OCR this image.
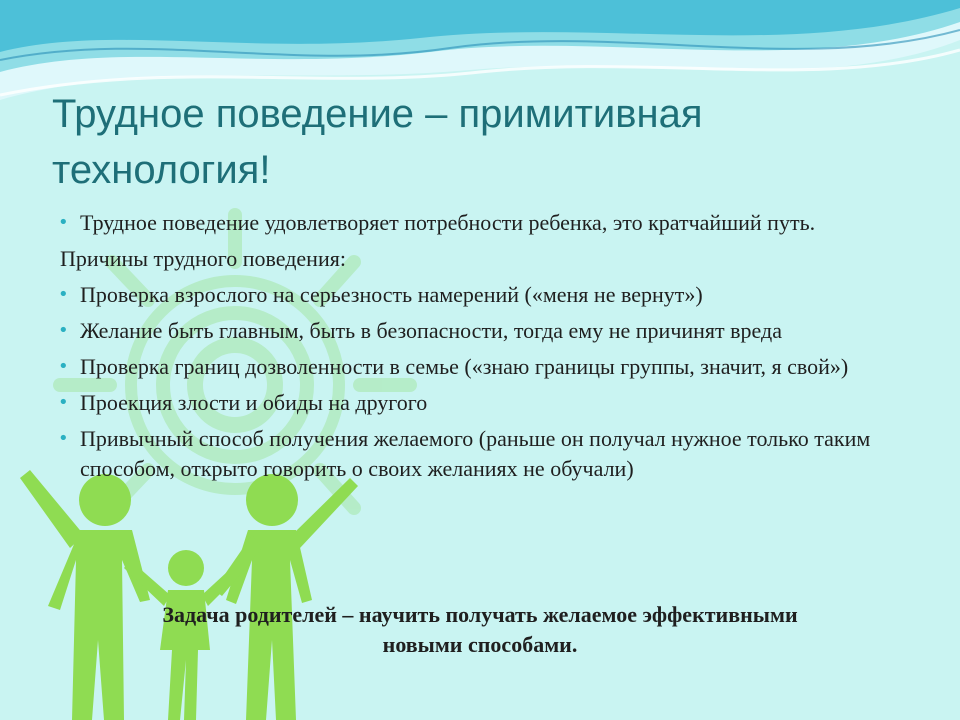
Трудное поведение – примитивная технология!
• Трудное поведение удовлетворяет потребности ребенка, это кратчайший путь.
Причины трудного поведения:
• Проверка взрослого на серьезность намерений («меня не вернут»)
• Желание быть главным, быть в безопасности, тогда ему не причинят вреда
• Проверка границ дозволенности в семье («знаю границы группы, значит, я свой»)
• Проекция злости и обиды на другого
• Привычный способ получения желаемого (раньше он получал нужное только таким способом, открыто говорить о своих желаниях не обучали)
Задача родителей – научить получать желаемое эффективными
новыми способами.
